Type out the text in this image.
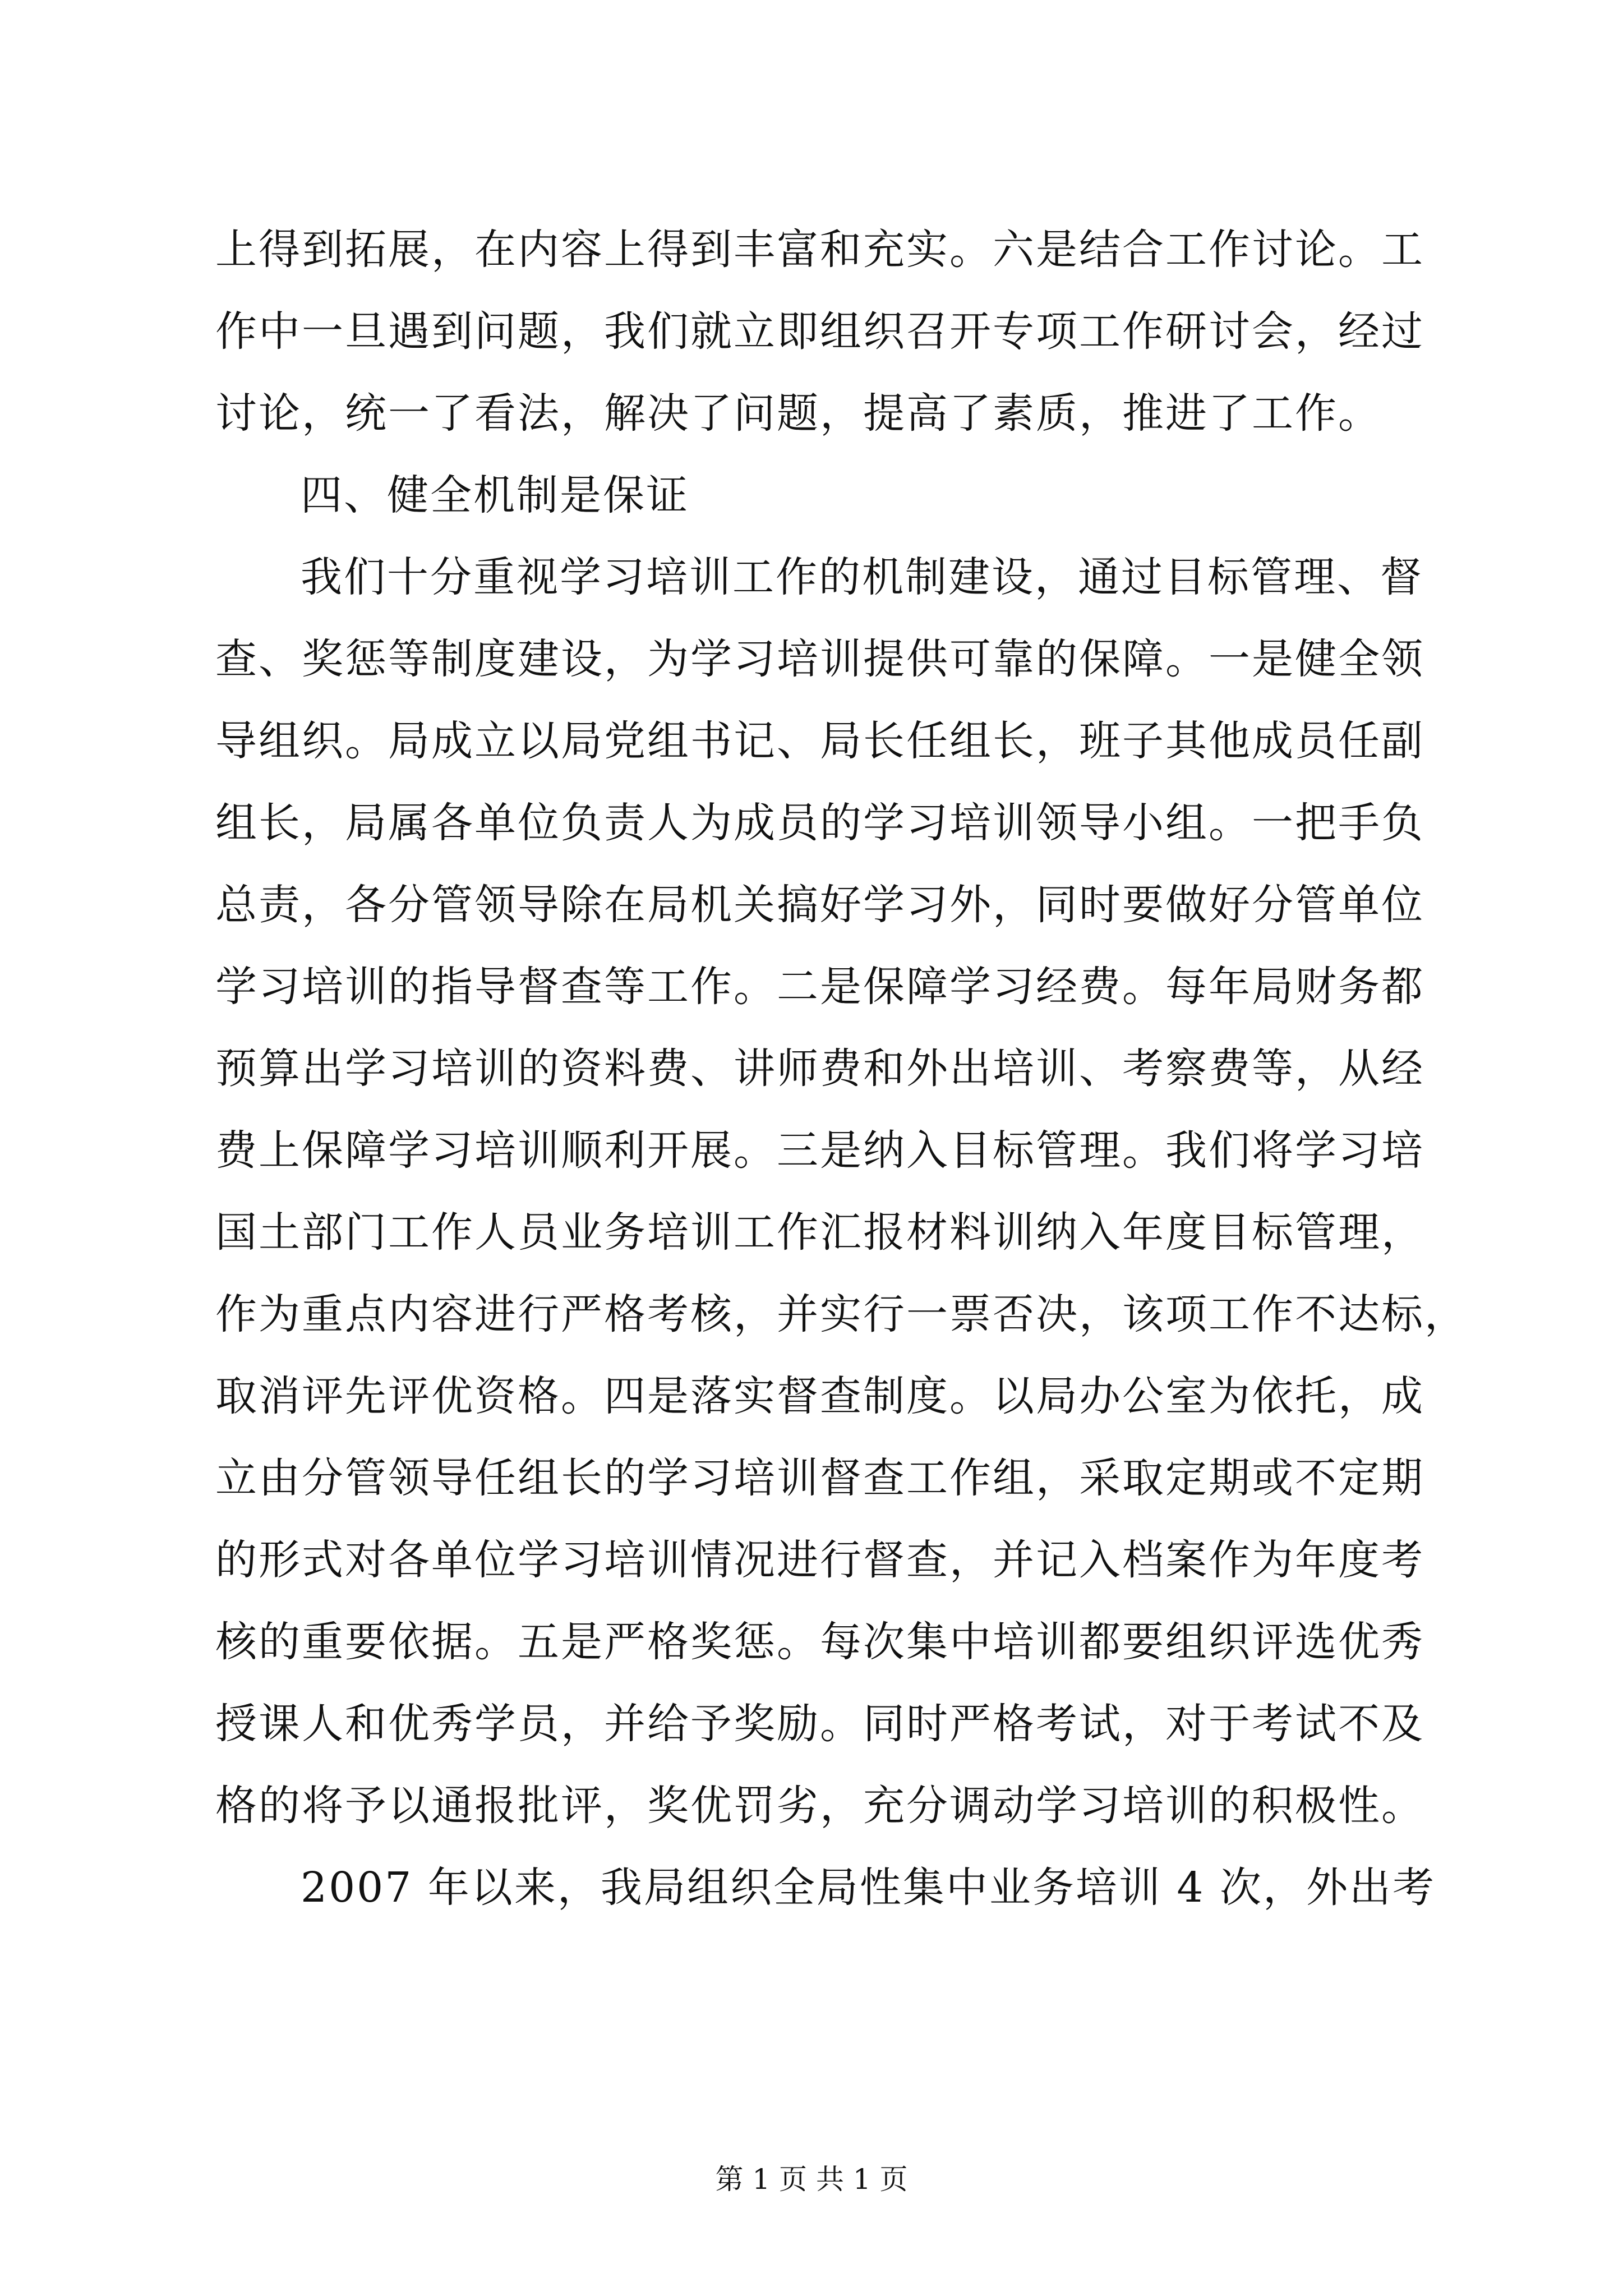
上得到拓展，在内容上得到丰富和充实。六是结合工作讨论。工
作中一旦遇到问题，我们就立即组织召开专项工作研讨会，经过
讨论，统一了看法，解决了问题，提高了素质，推进了工作。
四、健全机制是保证
我们十分重视学习培训工作的机制建设，通过目标管理、督
查、奖惩等制度建设，为学习培训提供可靠的保障。一是健全领
导组织。局成立以局党组书记、局长任组长，班子其他成员任副
组长，局属各单位负责人为成员的学习培训领导小组。一把手负
总责，各分管领导除在局机关搞好学习外，同时要做好分管单位
学习培训的指导督查等工作。二是保障学习经费。每年局财务都
预算出学习培训的资料费、讲师费和外出培训、考察费等，从经
费上保障学习培训顺利开展。三是纳入目标管理。我们将学习培
国土部门工作人员业务培训工作汇报材料训纳入年度目标管理，
作为重点内容进行严格考核，并实行一票否决，该项工作不达标，
取消评先评优资格。四是落实督查制度。以局办公室为依托，成
立由分管领导任组长的学习培训督查工作组，采取定期或不定期
的形式对各单位学习培训情况进行督查，并记入档案作为年度考
核的重要依据。五是严格奖惩。每次集中培训都要组织评选优秀
授课人和优秀学员，并给予奖励。同时严格考试，对于考试不及
格的将予以通报批评，奖优罚劣，充分调动学习培训的积极性。
2007 年以来，我局组织全局性集中业务培训 4 次，外出考
第 1 页 共 1 页
